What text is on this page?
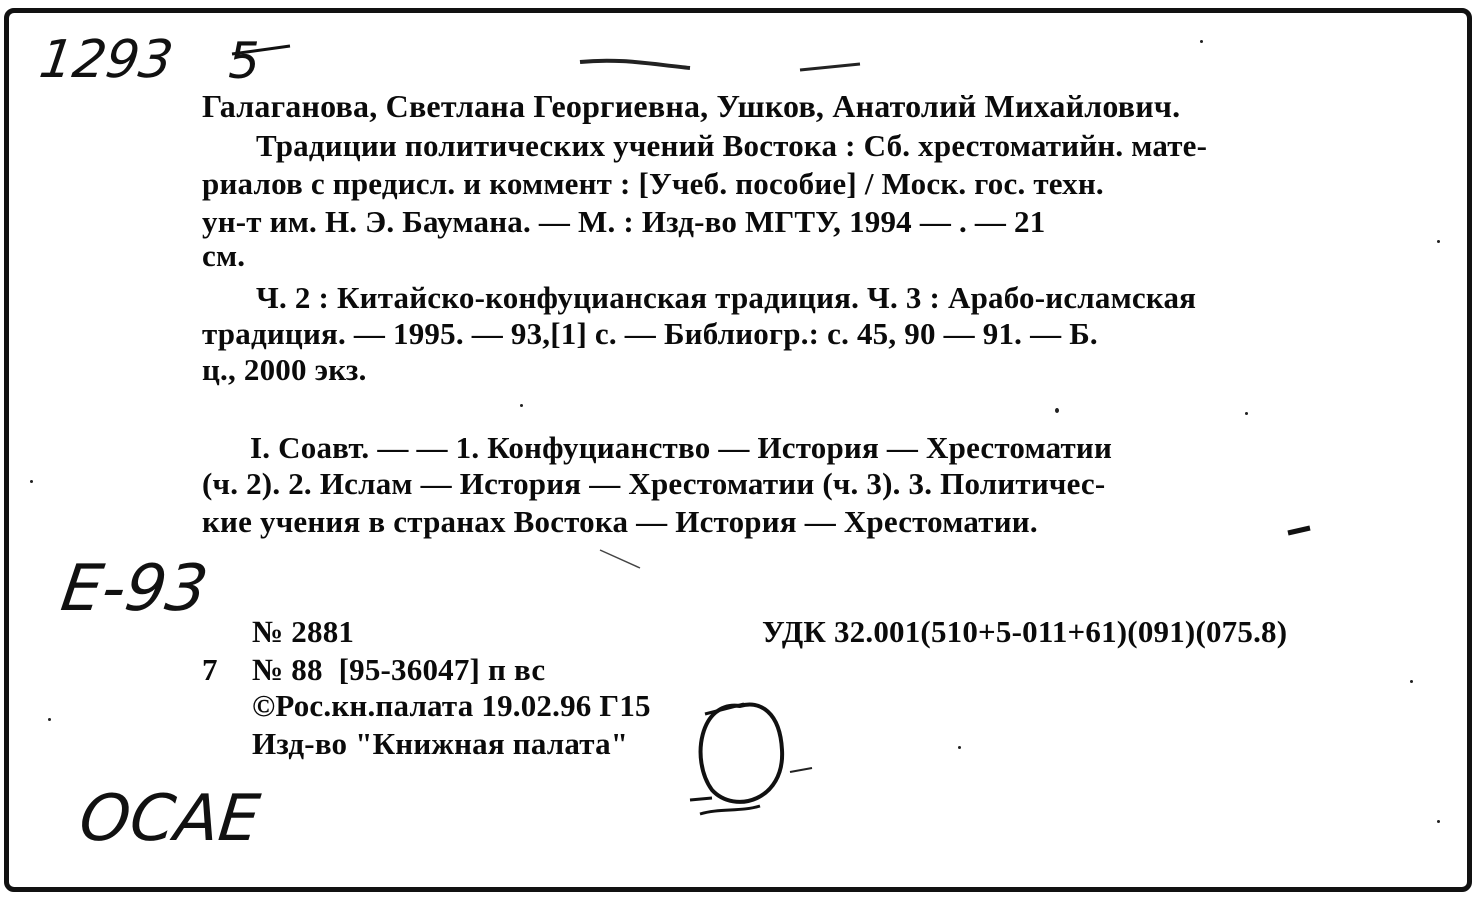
1293 5
E-93
OCAE
Галаганова, Светлана Георгиевна, Ушков, Анатолий Михайлович.
Традиции политических учений Востока : Сб. хрестоматийн. мате-
риалов с предисл. и коммент : [Учеб. пособие] / Моск. гос. техн.
ун-т им. Н. Э. Баумана. — М. : Изд-во МГТУ, 1994 — . — 21
см.
Ч. 2 : Китайско-конфуцианская традиция. Ч. 3 : Арабо-исламская
традиция. — 1995. — 93,[1] с. — Библиогр.: с. 45, 90 — 91. — Б.
ц., 2000 экз.
I. Соавт. — — 1. Конфуцианство — История — Хрестоматии
(ч. 2). 2. Ислам — История — Хрестоматии (ч. 3). 3. Политичес-
кие учения в странах Востока — История — Хрестоматии.
№ 2881	УДК 32.001(510+5-011+61)(091)(075.8)
7 № 88  [95-36047] п вс
©Рос.кн.палата 19.02.96 Г15
Изд-во "Книжная палата"
